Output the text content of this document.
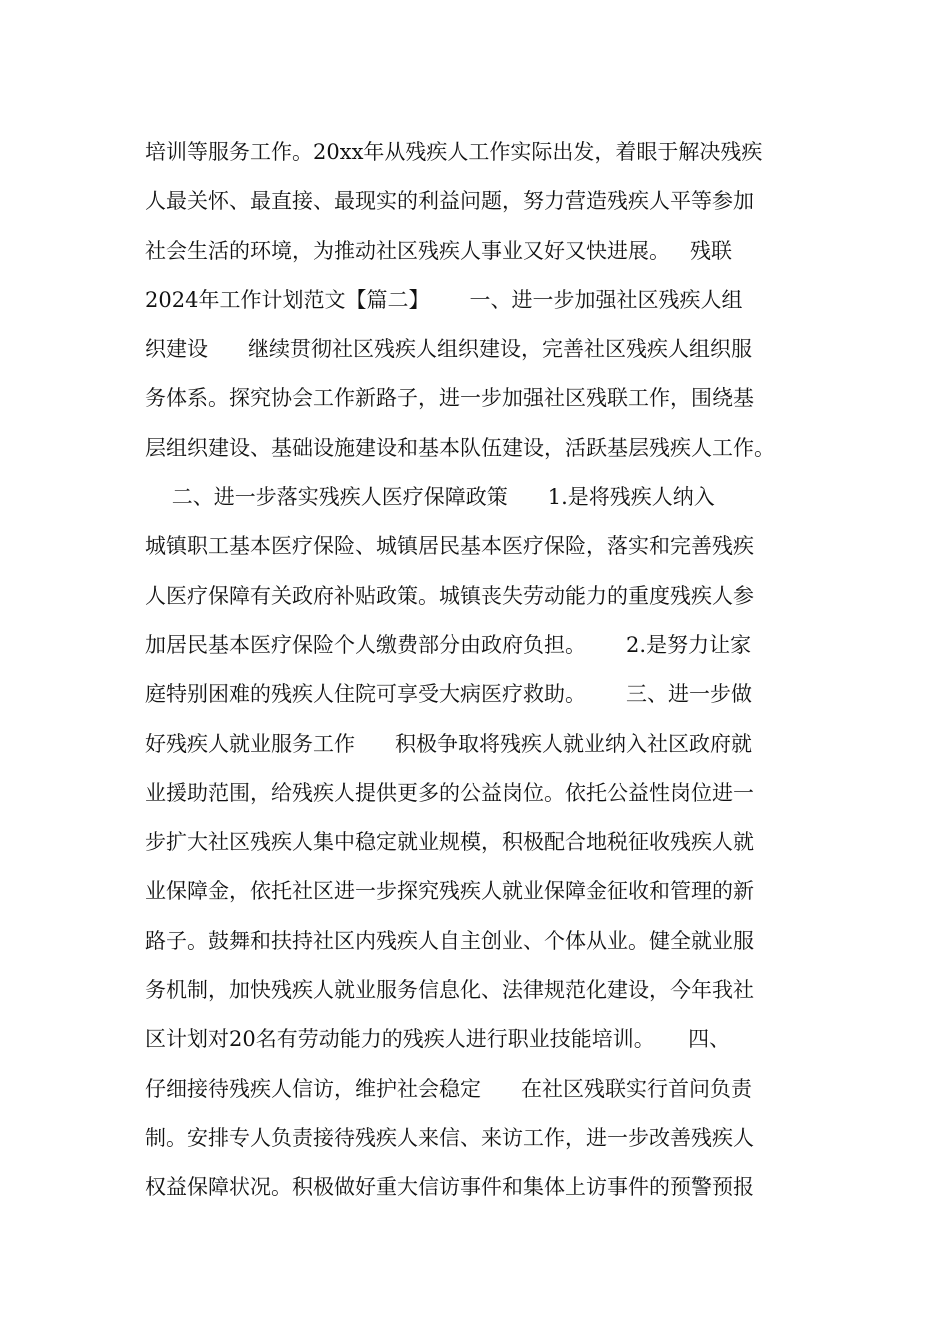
培训等服务工作。20xx年从残疾人工作实际出发，着眼于解决残疾
人最关怀、最直接、最现实的利益问题，努力营造残疾人平等参加
社会生活的环境，为推动社区残疾人事业又好又快进展。   残联
2024年工作计划范文【篇二】      一、进一步加强社区残疾人组
织建设      继续贯彻社区残疾人组织建设，完善社区残疾人组织服
务体系。探究协会工作新路子，进一步加强社区残联工作，围绕基
层组织建设、基础设施建设和基本队伍建设，活跃基层残疾人工作。
二、进一步落实残疾人医疗保障政策      1.是将残疾人纳入
城镇职工基本医疗保险、城镇居民基本医疗保险，落实和完善残疾
人医疗保障有关政府补贴政策。城镇丧失劳动能力的重度残疾人参
加居民基本医疗保险个人缴费部分由政府负担。      2.是努力让家
庭特别困难的残疾人住院可享受大病医疗救助。      三、进一步做
好残疾人就业服务工作      积极争取将残疾人就业纳入社区政府就
业援助范围，给残疾人提供更多的公益岗位。依托公益性岗位进一
步扩大社区残疾人集中稳定就业规模，积极配合地税征收残疾人就
业保障金，依托社区进一步探究残疾人就业保障金征收和管理的新
路子。鼓舞和扶持社区内残疾人自主创业、个体从业。健全就业服
务机制，加快残疾人就业服务信息化、法律规范化建设，今年我社
区计划对20名有劳动能力的残疾人进行职业技能培训。     四、
仔细接待残疾人信访，维护社会稳定      在社区残联实行首问负责
制。安排专人负责接待残疾人来信、来访工作，进一步改善残疾人
权益保障状况。积极做好重大信访事件和集体上访事件的预警预报
